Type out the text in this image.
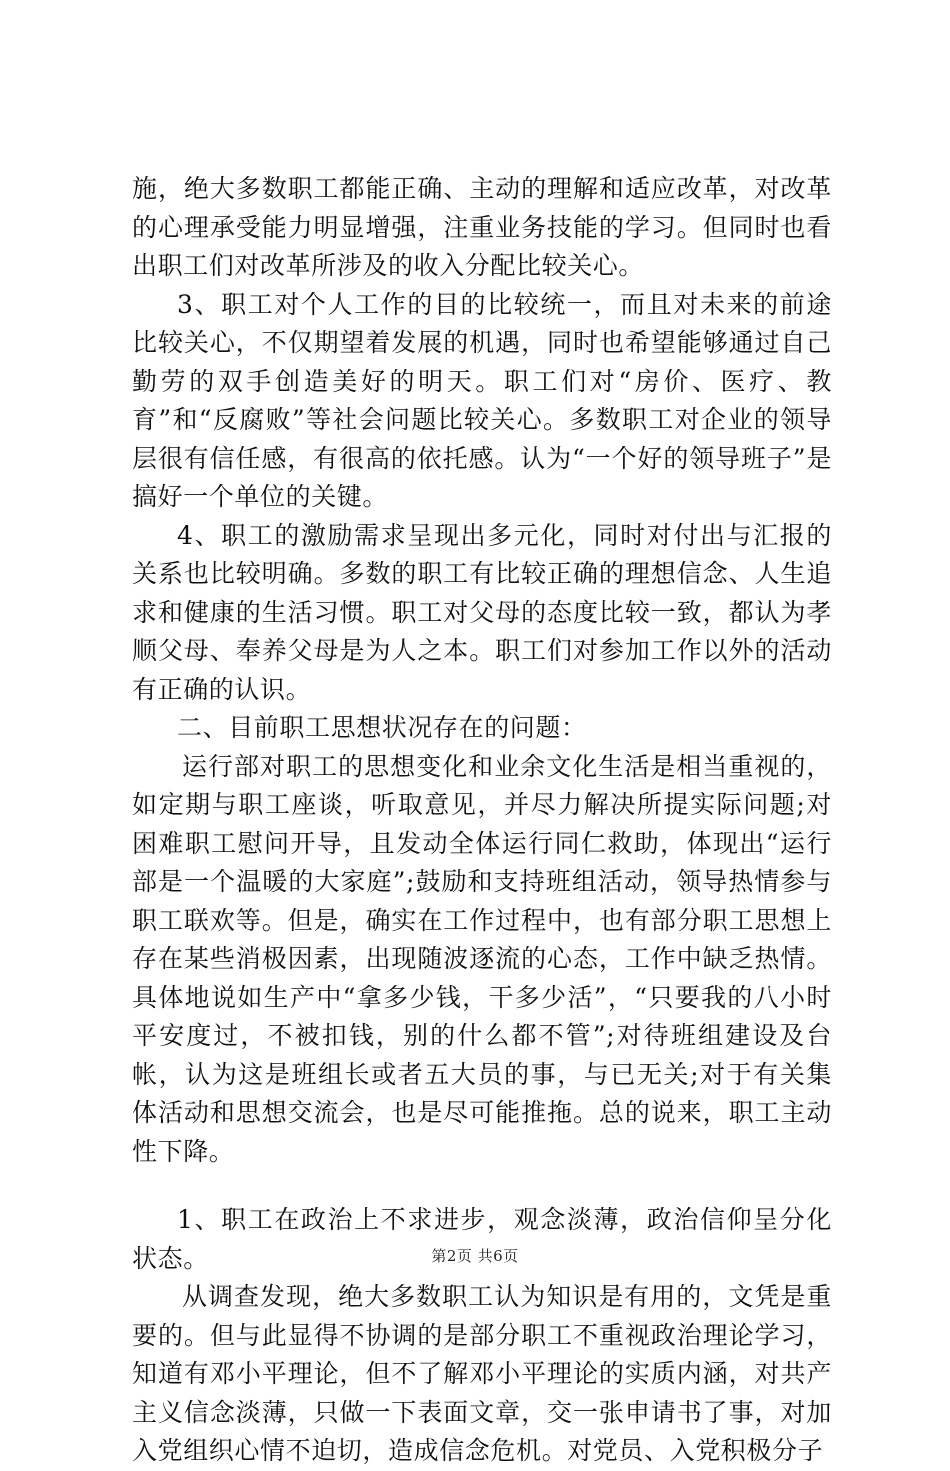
施，绝大多数职工都能正确、主动的理解和适应改革，对改革的心理承受能力明显增强，注重业务技能的学习。但同时也看出职工们对改革所涉及的收入分配比较关心。

3、职工对个人工作的目的比较统一，而且对未来的前途比较关心，不仅期望着发展的机遇，同时也希望能够通过自己勤劳的双手创造美好的明天。职工们对“房价、医疗、教育”和“反腐败”等社会问题比较关心。多数职工对企业的领导层很有信任感，有很高的依托感。认为“一个好的领导班子”是搞好一个单位的关键。

4、职工的激励需求呈现出多元化，同时对付出与汇报的关系也比较明确。多数的职工有比较正确的理想信念、人生追求和健康的生活习惯。职工对父母的态度比较一致，都认为孝顺父母、奉养父母是为人之本。职工们对参加工作以外的活动有正确的认识。

二、目前职工思想状况存在的问题：

运行部对职工的思想变化和业余文化生活是相当重视的，如定期与职工座谈，听取意见，并尽力解决所提实际问题;对困难职工慰问开导，且发动全体运行同仁救助，体现出“运行部是一个温暖的大家庭”;鼓励和支持班组活动，领导热情参与职工联欢等。但是，确实在工作过程中，也有部分职工思想上存在某些消极因素，出现随波逐流的心态，工作中缺乏热情。具体地说如生产中“拿多少钱，干多少活”，“只要我的八小时平安度过，不被扣钱，别的什么都不管”;对待班组建设及台帐，认为这是班组长或者五大员的事，与已无关;对于有关集体活动和思想交流会，也是尽可能推拖。总的说来，职工主动性下降。

1、职工在政治上不求进步，观念淡薄，政治信仰呈分化状态。

从调查发现，绝大多数职工认为知识是有用的，文凭是重要的。但与此显得不协调的是部分职工不重视政治理论学习，知道有邓小平理论，但不了解邓小平理论的实质内涵，对共产主义信念淡薄，只做一下表面文章，交一张申请书了事，对加入党组织心情不迫切，造成信念危机。对党员、入党积极分子

第2页 共6页
